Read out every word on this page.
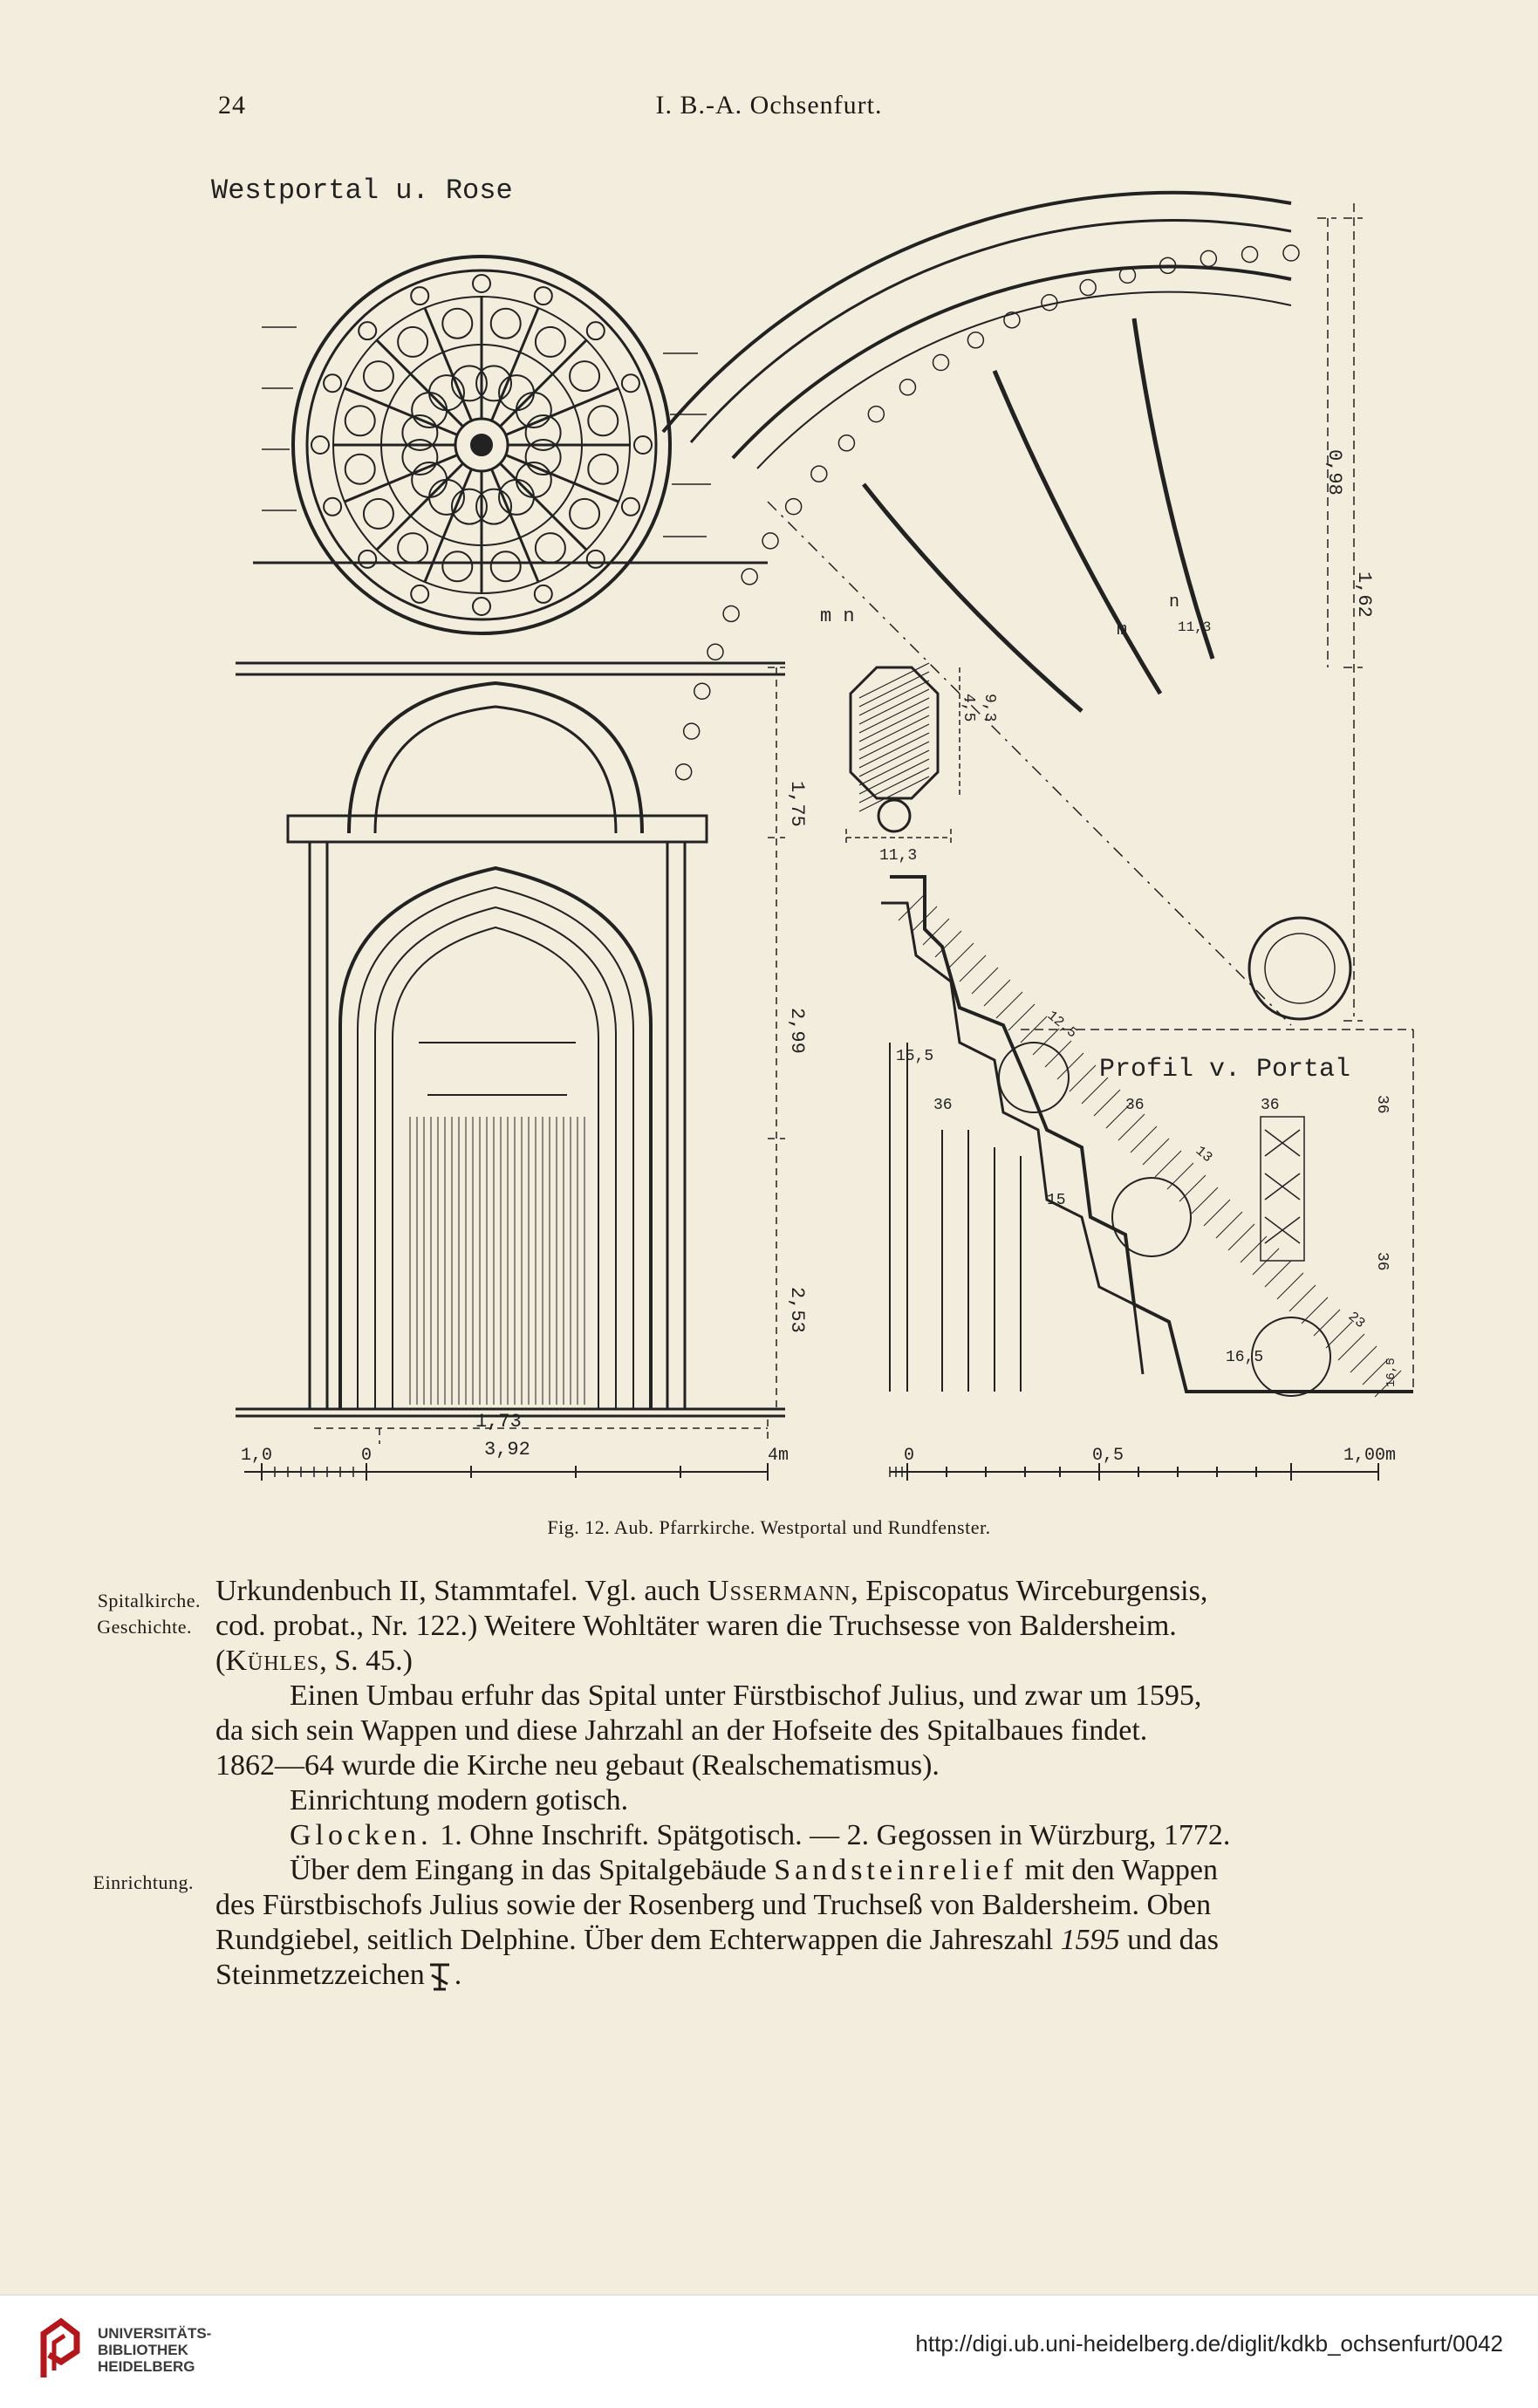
24	I. B.-A. Ochsenfurt.
Westportal u. Rose
1,75
2,99
2,53
1,73
3,92
1,0	0	4m
0,98
1,62
n
m	11,3
m n
11,3
4,5 9,3
Profil v. Portal
12,5
15,5
36	36	36	36
36
13
15
23
16,5
16,5
0	0,5	1,00m
Fig. 12. Aub. Pfarrkirche. Westportal und Rundfenster.
Spitalkirche.
Geschichte.
Einrichtung.

Urkundenbuch II, Stammtafel. Vgl. auch Ussermann, Episcopatus Wirceburgensis,
cod. probat., Nr. 122.) Weitere Wohltäter waren die Truchsesse von Baldersheim.
(Kühles, S. 45.)

Einen Umbau erfuhr das Spital unter Fürstbischof Julius, und zwar um 1595,
da sich sein Wappen und diese Jahrzahl an der Hofseite des Spitalbaues findet.
1862—64 wurde die Kirche neu gebaut (Realschematismus).

Einrichtung modern gotisch.

Glocken. 1. Ohne Inschrift. Spätgotisch. — 2. Gegossen in Würzburg, 1772.

Über dem Eingang in das Spitalgebäude Sandsteinrelief mit den Wappen
des Fürstbischofs Julius sowie der Rosenberg und Truchseß von Baldersheim. Oben
Rundgiebel, seitlich Delphine. Über dem Echterwappen die Jahreszahl 1595 und das
Steinmetzzeichen .

UNIVERSITÄTS-
BIBLIOTHEK
HEIDELBERG
http://digi.ub.uni-heidelberg.de/diglit/kdkb_ochsenfurt/0042
